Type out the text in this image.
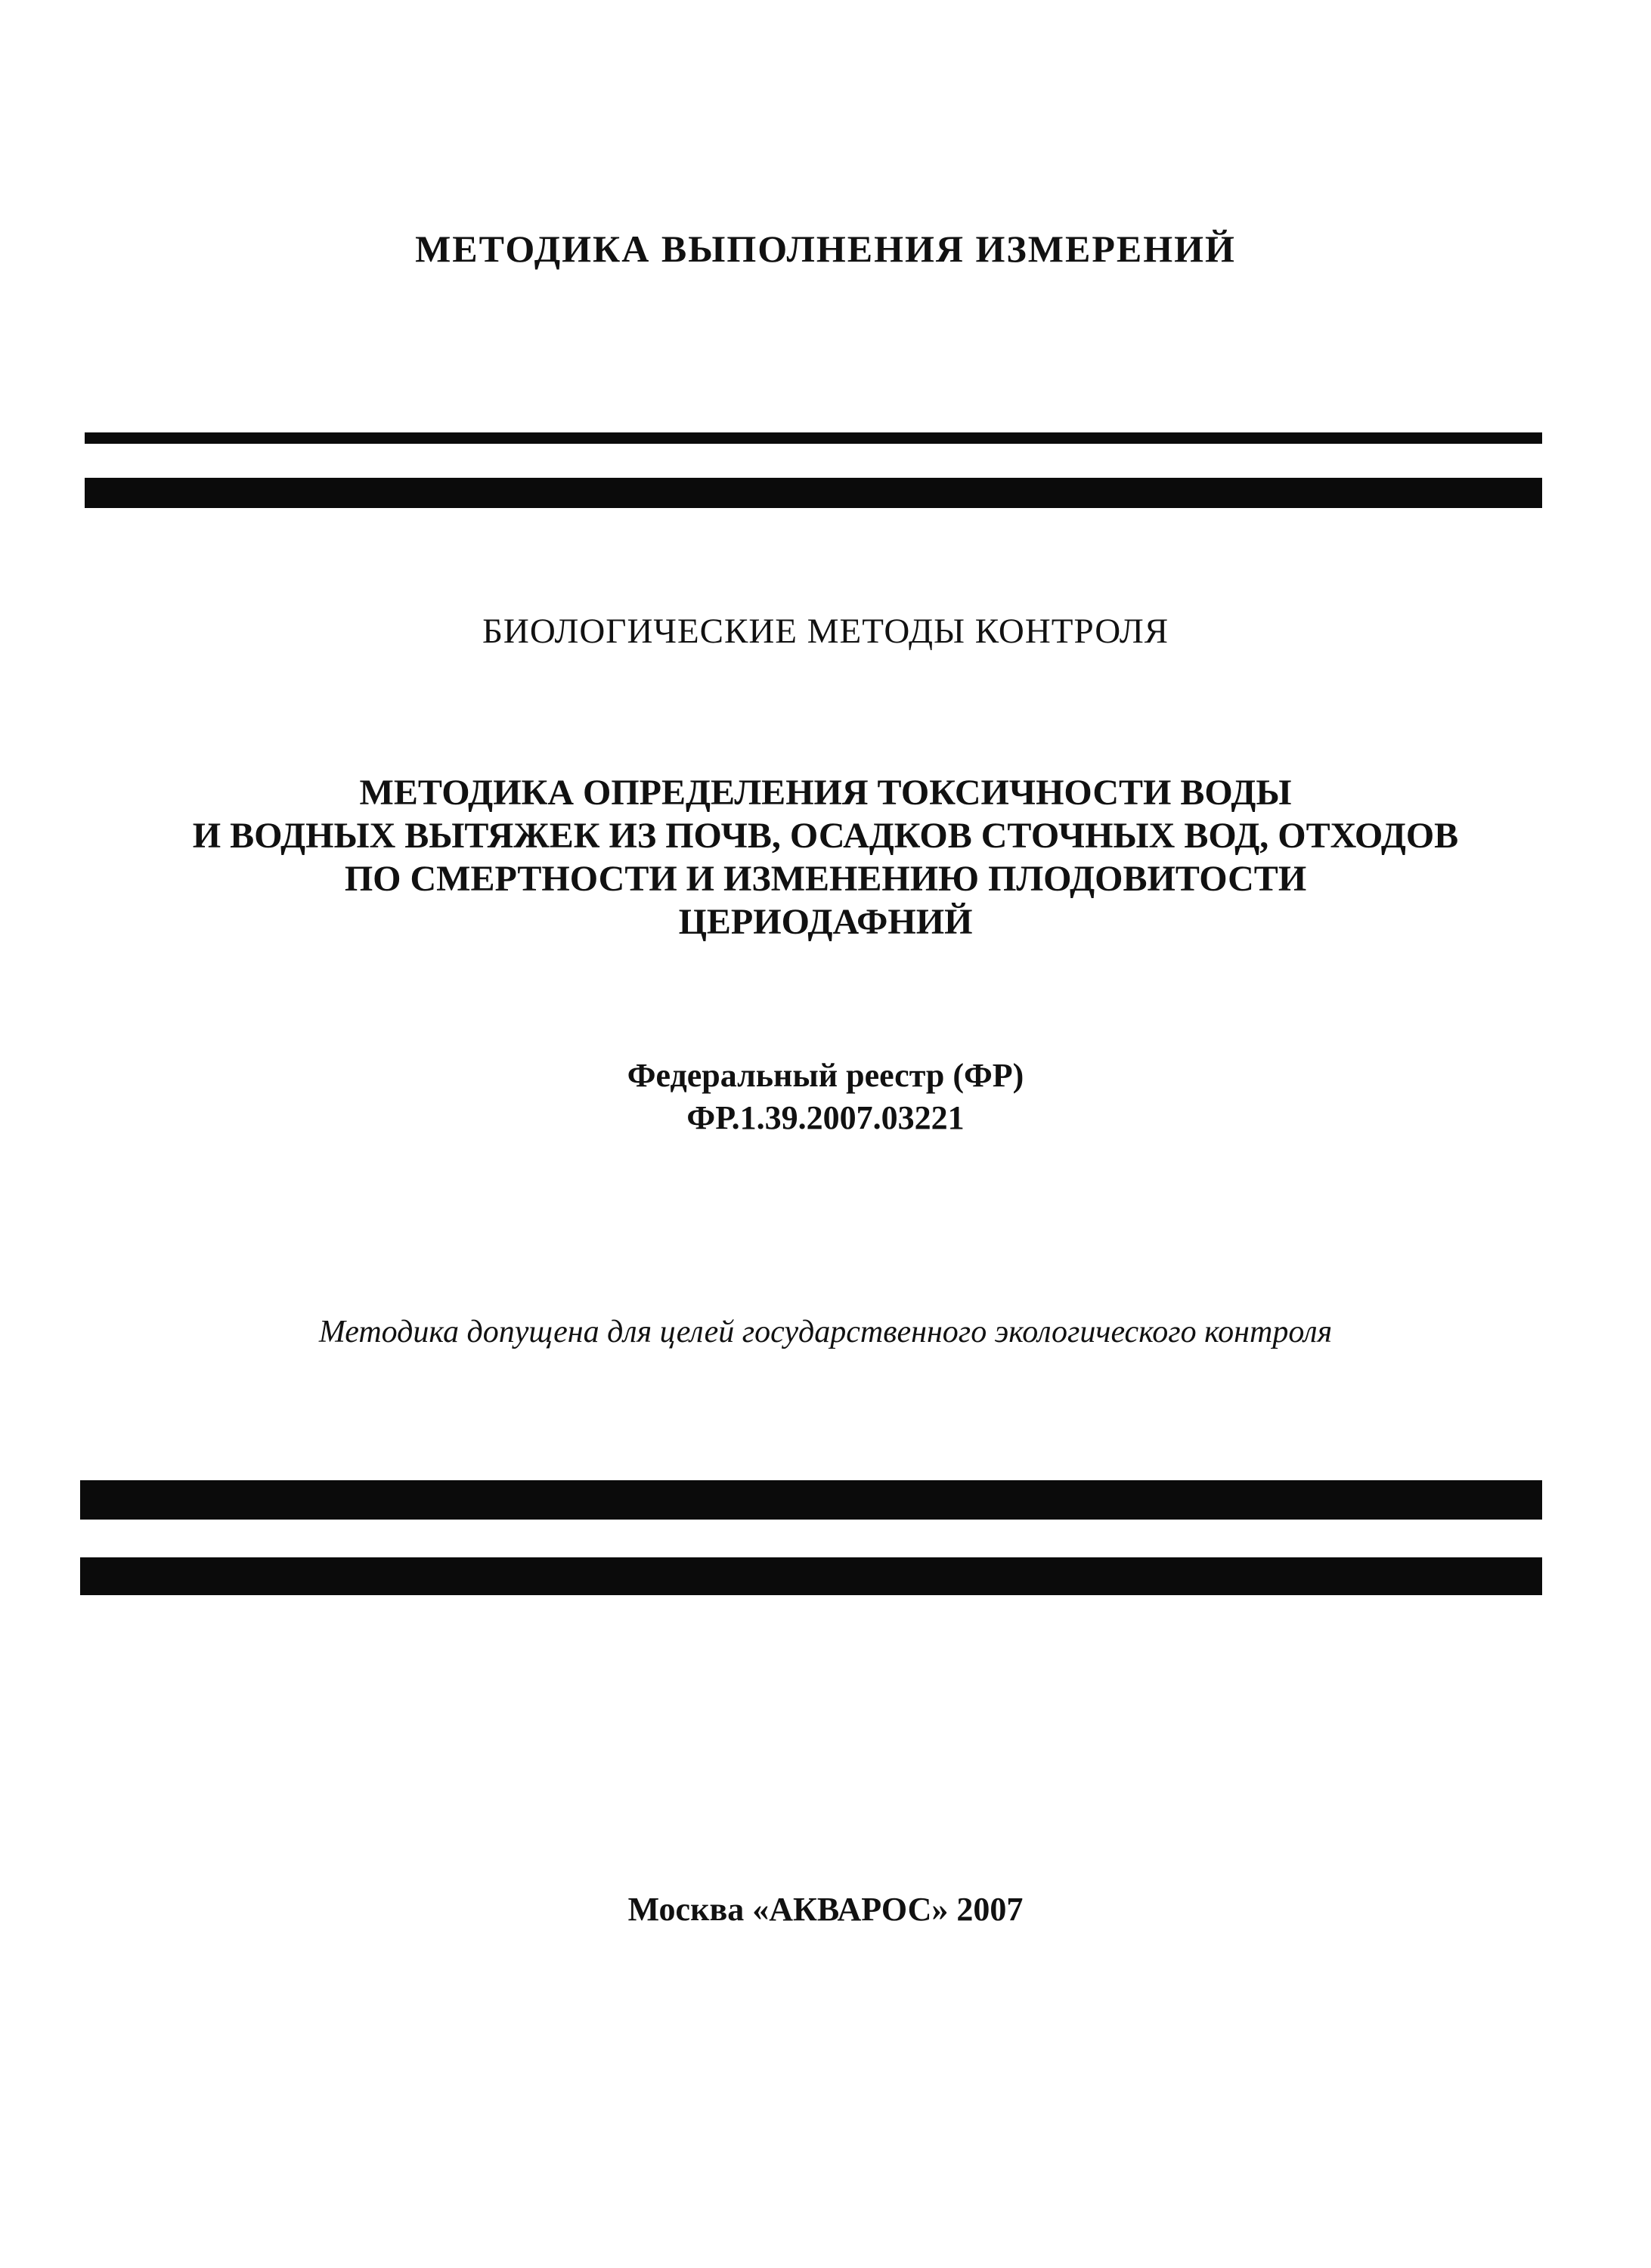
МЕТОДИКА ВЫПОЛНЕНИЯ ИЗМЕРЕНИЙ

БИОЛОГИЧЕСКИЕ МЕТОДЫ КОНТРОЛЯ

МЕТОДИКА ОПРЕДЕЛЕНИЯ ТОКСИЧНОСТИ ВОДЫ
И ВОДНЫХ ВЫТЯЖЕК ИЗ ПОЧВ, ОСАДКОВ СТОЧНЫХ ВОД, ОТХОДОВ
ПО СМЕРТНОСТИ И ИЗМЕНЕНИЮ ПЛОДОВИТОСТИ
ЦЕРИОДАФНИЙ

Федеральный реестр (ФР)
ФР.1.39.2007.03221

Методика допущена для целей государственного экологического контроля

Москва «АКВАРОС» 2007
